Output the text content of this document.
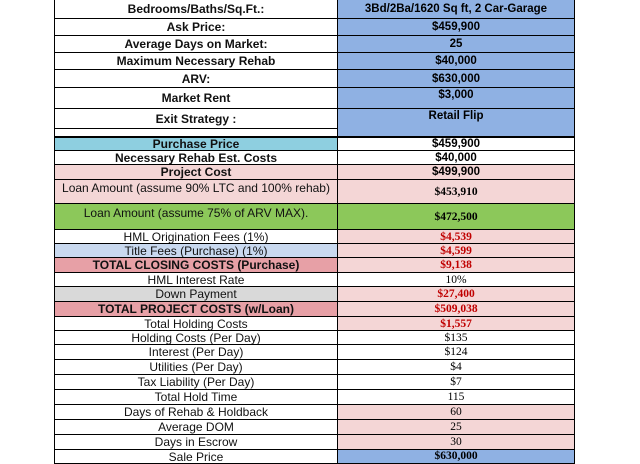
Bedrooms/Baths/Sq.Ft.:	3Bd/2Ba/1620 Sq ft, 2 Car-Garage
Ask Price:	$459,900
Average Days on Market:	25
Maximum Necessary Rehab	$40,000
ARV:	$630,000
Market Rent	$3,000
Exit Strategy :	Retail Flip
Purchase Price	$459,900
Necessary Rehab Est. Costs	$40,000
Project Cost	$499,900
Loan Amount (assume 90% LTC and 100% rehab)	$453,910
Loan Amount (assume 75% of ARV MAX).	$472,500
HML Origination Fees (1%)	$4,539
Title Fees (Purchase) (1%)	$4,599
TOTAL CLOSING COSTS (Purchase)	$9,138
HML Interest Rate	10%
Down Payment	$27,400
TOTAL PROJECT COSTS (w/Loan)	$509,038
Total Holding Costs	$1,557
Holding Costs (Per Day)	$135
Interest (Per Day)	$124
Utilities (Per Day)	$4
Tax Liability (Per Day)	$7
Total Hold Time	115
Days of Rehab & Holdback	60
Average DOM	25
Days in Escrow	30
Sale Price	$630,000
